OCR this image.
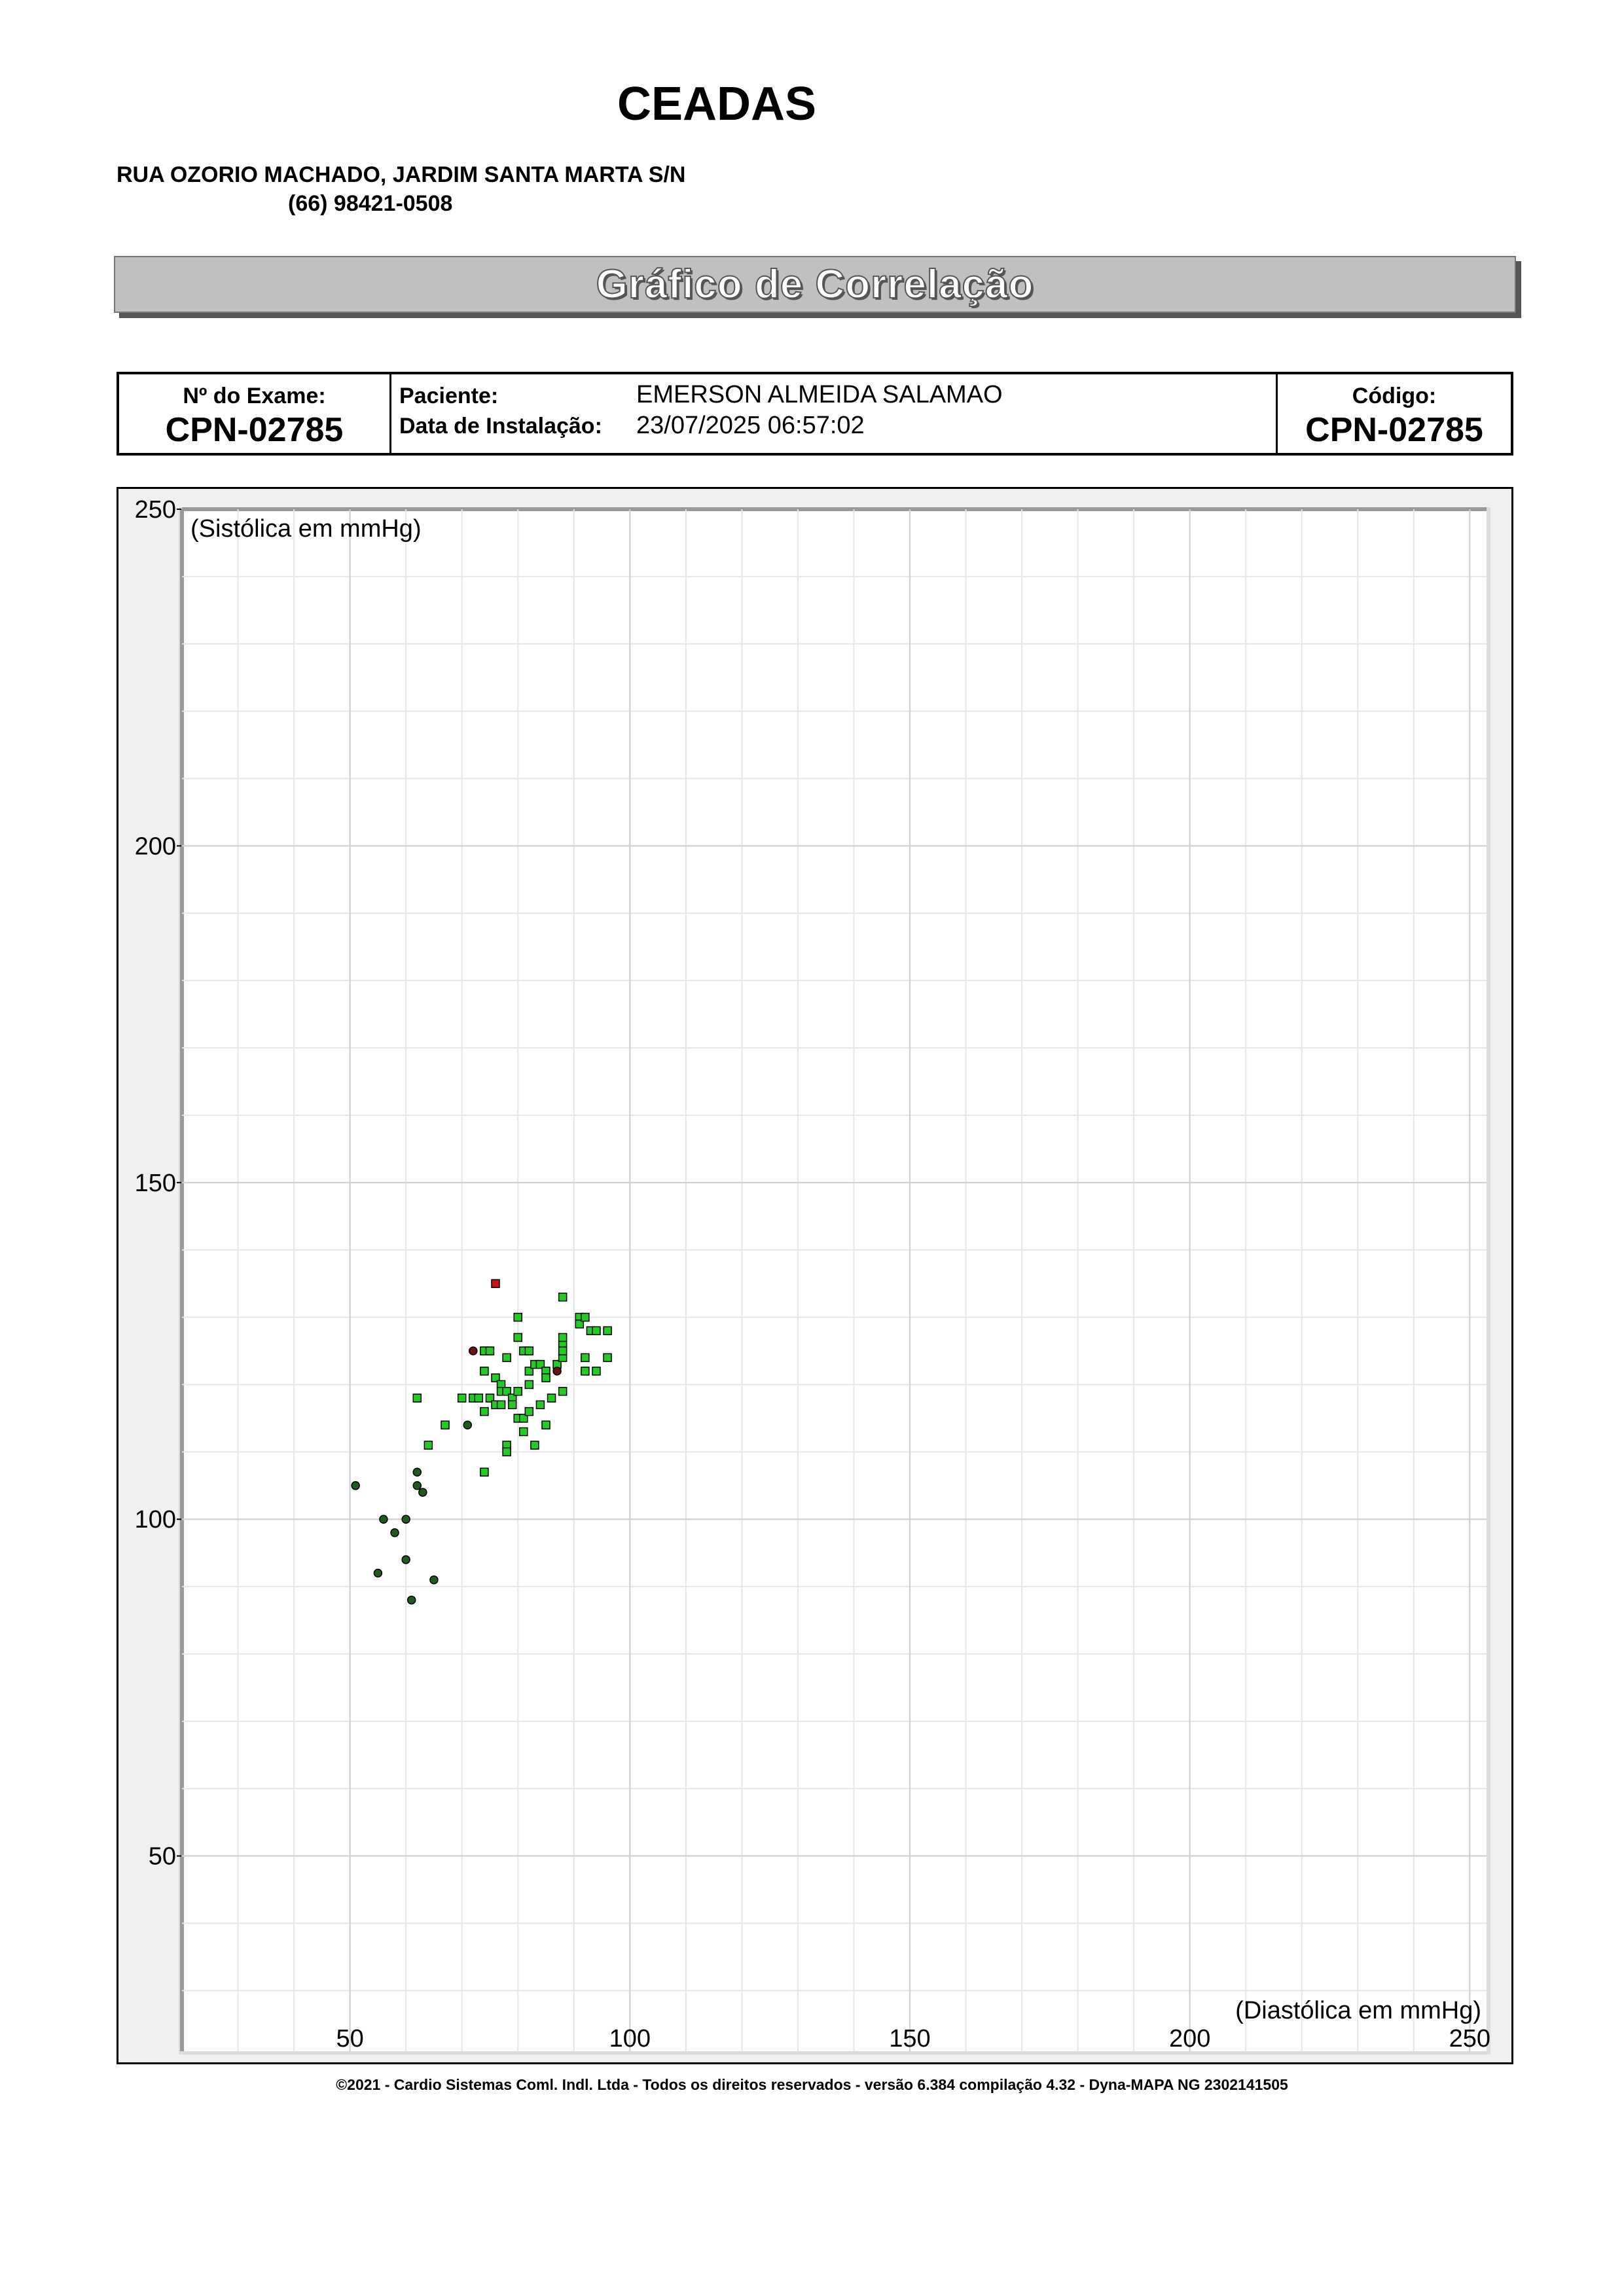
CEADAS
RUA OZORIO MACHADO, JARDIM SANTA MARTA S/N
(66) 98421-0508
Gráfico de Correlação
Nº do Exame:
CPN-02785
Paciente:	EMERSON ALMEIDA SALAMAO
Data de Instalação: 23/07/2025 06:57:02
Código:
CPN-02785
(Sistólica em mmHg)
(Diastólica em mmHg)
50	100	150	200	250
50
100
150
200
250
©2021 - Cardio Sistemas Coml. Indl. Ltda - Todos os direitos reservados - versão 6.384 compilação 4.32 - Dyna-MAPA NG 2302141505
